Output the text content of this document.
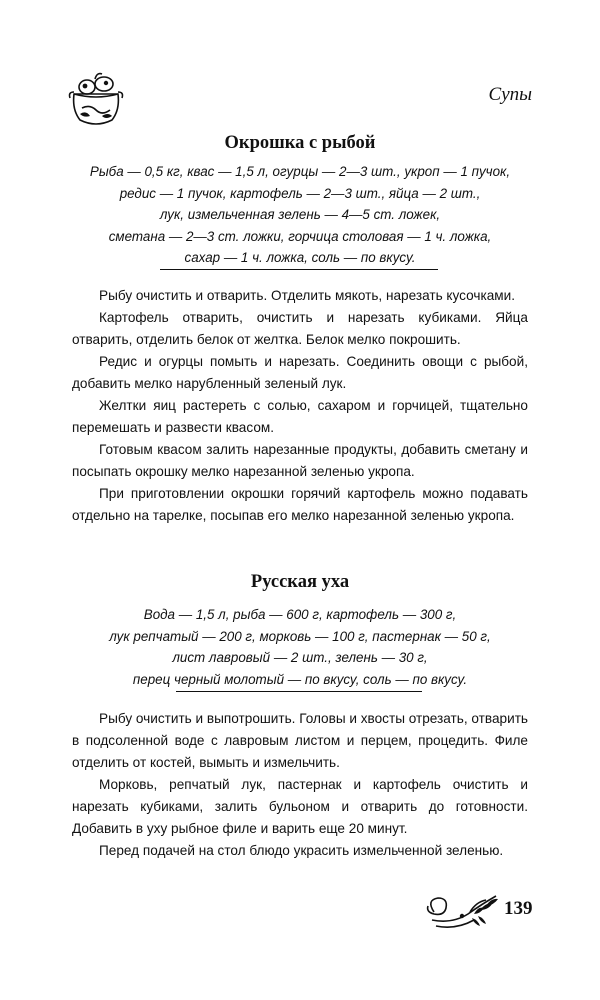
Супы
Окрошка с рыбой
Рыба — 0,5 кг, квас — 1,5 л, огурцы — 2—3 шт., укроп — 1 пучок,
редис — 1 пучок, картофель — 2—3 шт., яйца — 2 шт.,
лук, измельченная зелень — 4—5 ст. ложек,
сметана — 2—3 ст. ложки, горчица столовая — 1 ч. ложка,
сахар — 1 ч. ложка, соль — по вкусу.

Рыбу очистить и отварить. Отделить мякоть, нарезать кусочками.

Картофель отварить, очистить и нарезать кубиками. Яйца отварить, отделить белок от желтка. Белок мелко покрошить.

Редис и огурцы помыть и нарезать. Соединить овощи с рыбой, добавить мелко нарубленный зеленый лук.

Желтки яиц растереть с солью, сахаром и горчицей, тщательно перемешать и развести квасом.

Готовым квасом залить нарезанные продукты, добавить сметану и посыпать окрошку мелко нарезанной зеленью укропа.

При приготовлении окрошки горячий картофель можно подавать отдельно на тарелке, посыпав его мелко нарезанной зеленью укропа.

Русская уха
Вода — 1,5 л, рыба — 600 г, картофель — 300 г,
лук репчатый — 200 г, морковь — 100 г, пастернак — 50 г,
лист лавровый — 2 шт., зелень — 30 г,
перец черный молотый — по вкусу, соль — по вкусу.

Рыбу очистить и выпотрошить. Головы и хвосты отрезать, отварить в подсоленной воде с лавровым листом и перцем, процедить. Филе отделить от костей, вымыть и измельчить.

Морковь, репчатый лук, пастернак и картофель очистить и нарезать кубиками, залить бульоном и отварить до готовности. Добавить в уху рыбное филе и варить еще 20 минут.

Перед подачей на стол блюдо украсить измельченной зеленью.

139
